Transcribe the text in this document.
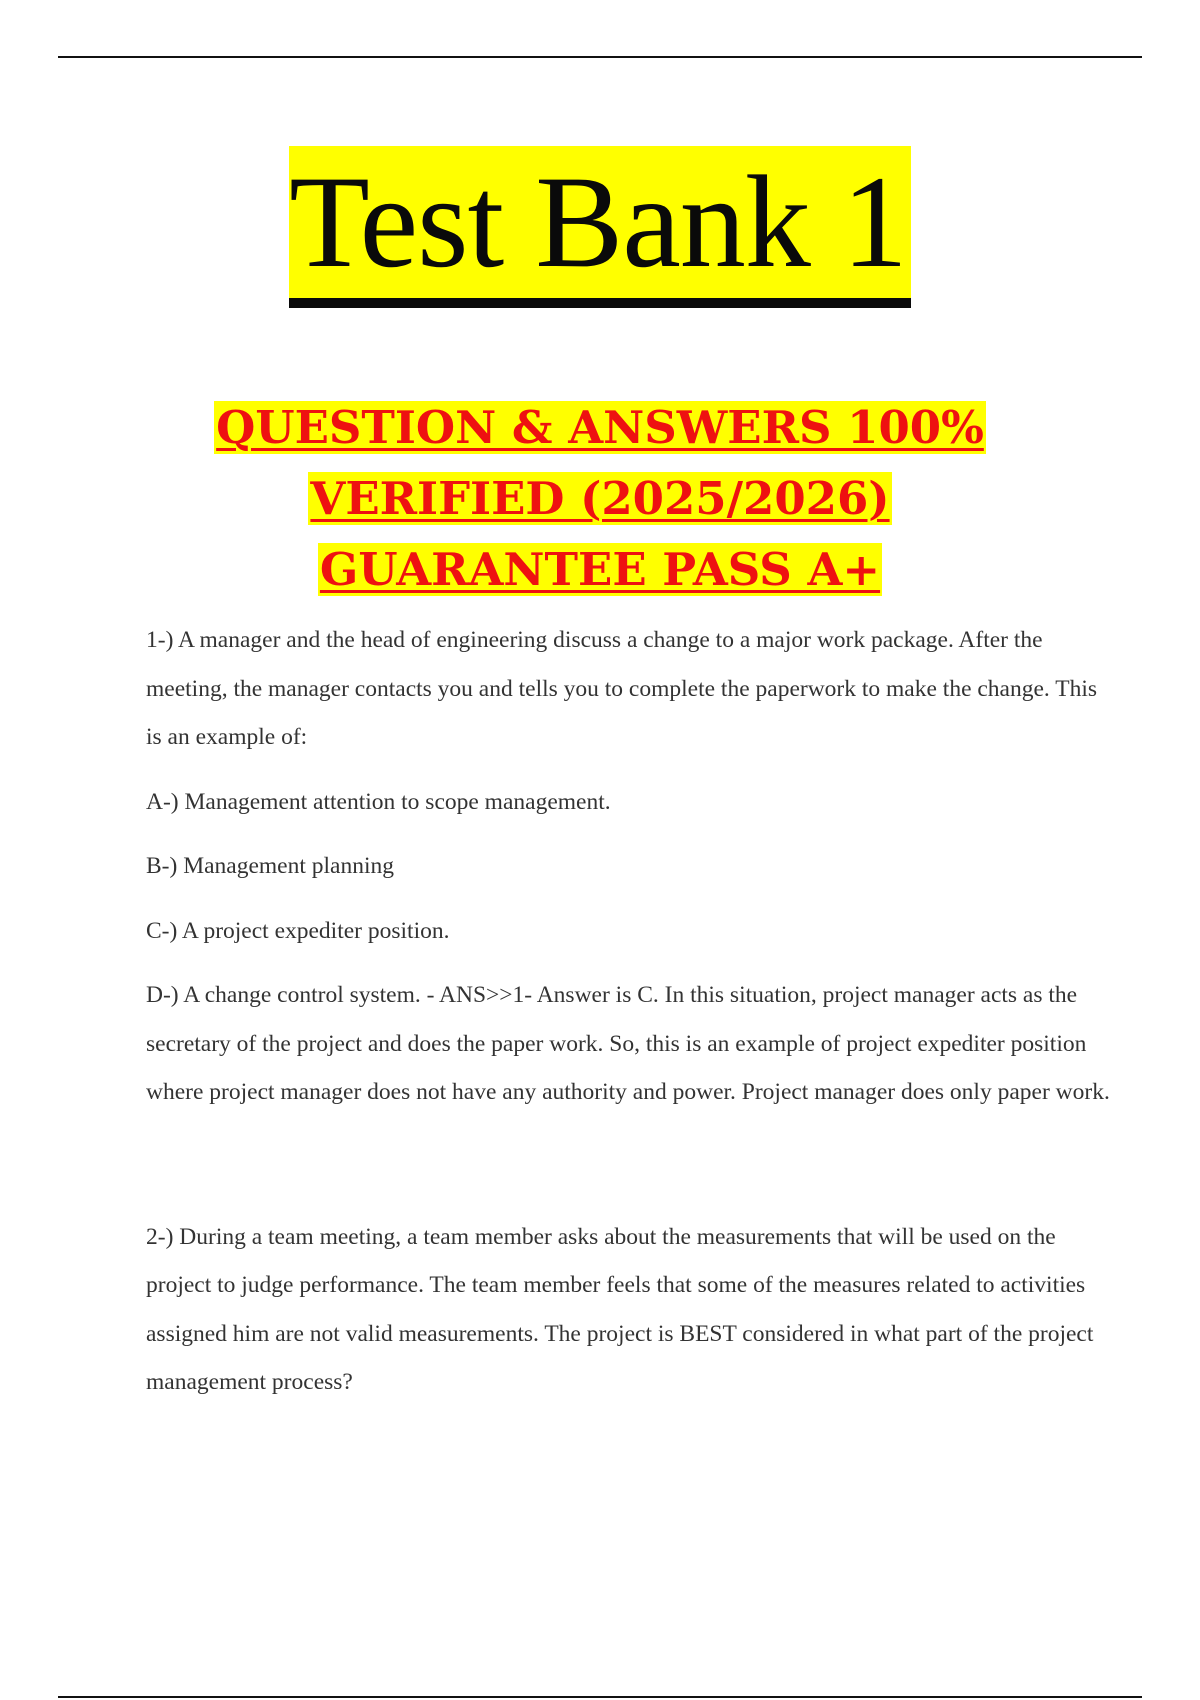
Test Bank 1
QUESTION & ANSWERS 100%
VERIFIED (2025/2026)
GUARANTEE PASS A+

1-) A manager and the head of engineering discuss a change to a major work package. After the meeting, the manager contacts you and tells you to complete the paperwork to make the change. This is an example of:

A-) Management attention to scope management.

B-) Management planning

C-) A project expediter position.

D-) A change control system. - ANS>>1- Answer is C. In this situation, project manager acts as the secretary of the project and does the paper work. So, this is an example of project expediter position where project manager does not have any authority and power. Project manager does only paper work.

2-) During a team meeting, a team member asks about the measurements that will be used on the project to judge performance. The team member feels that some of the measures related to activities assigned him are not valid measurements. The project is BEST considered in what part of the project management process?
